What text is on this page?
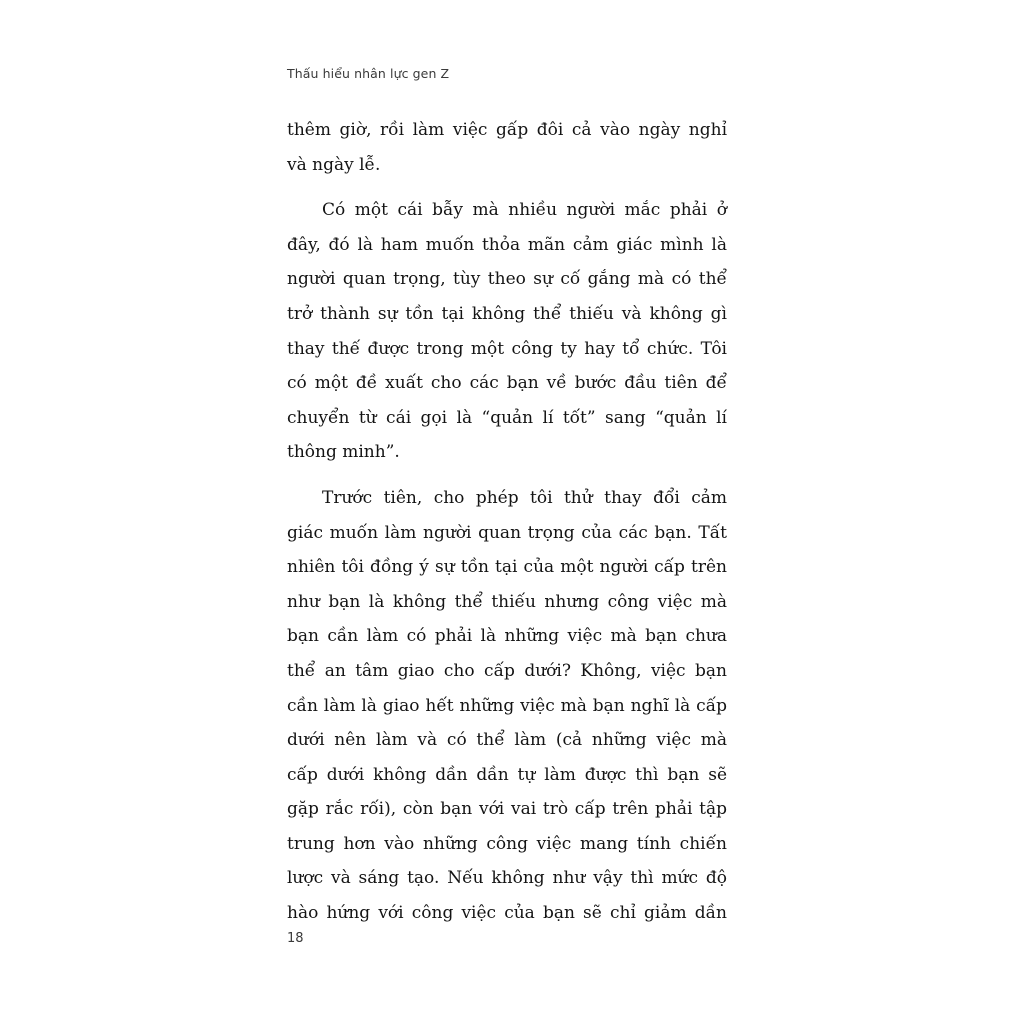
Thấu hiểu nhân lực gen Z

thêm giờ, rồi làm việc gấp đôi cả vào ngày nghỉ
và ngày lễ.

Có một cái bẫy mà nhiều người mắc phải ở
đây, đó là ham muốn thỏa mãn cảm giác mình là
người quan trọng, tùy theo sự cố gắng mà có thể
trở thành sự tồn tại không thể thiếu và không gì
thay thế được trong một công ty hay tổ chức. Tôi
có một đề xuất cho các bạn về bước đầu tiên để
chuyển từ cái gọi là “quản lí tốt” sang “quản lí
thông minh”.

Trước tiên, cho phép tôi thử thay đổi cảm
giác muốn làm người quan trọng của các bạn. Tất
nhiên tôi đồng ý sự tồn tại của một người cấp trên
như bạn là không thể thiếu nhưng công việc mà
bạn cần làm có phải là những việc mà bạn chưa
thể an tâm giao cho cấp dưới? Không, việc bạn
cần làm là giao hết những việc mà bạn nghĩ là cấp
dưới nên làm và có thể làm (cả những việc mà
cấp dưới không dần dần tự làm được thì bạn sẽ
gặp rắc rối), còn bạn với vai trò cấp trên phải tập
trung hơn vào những công việc mang tính chiến
lược và sáng tạo. Nếu không như vậy thì mức độ
hào hứng với công việc của bạn sẽ chỉ giảm dần

18
